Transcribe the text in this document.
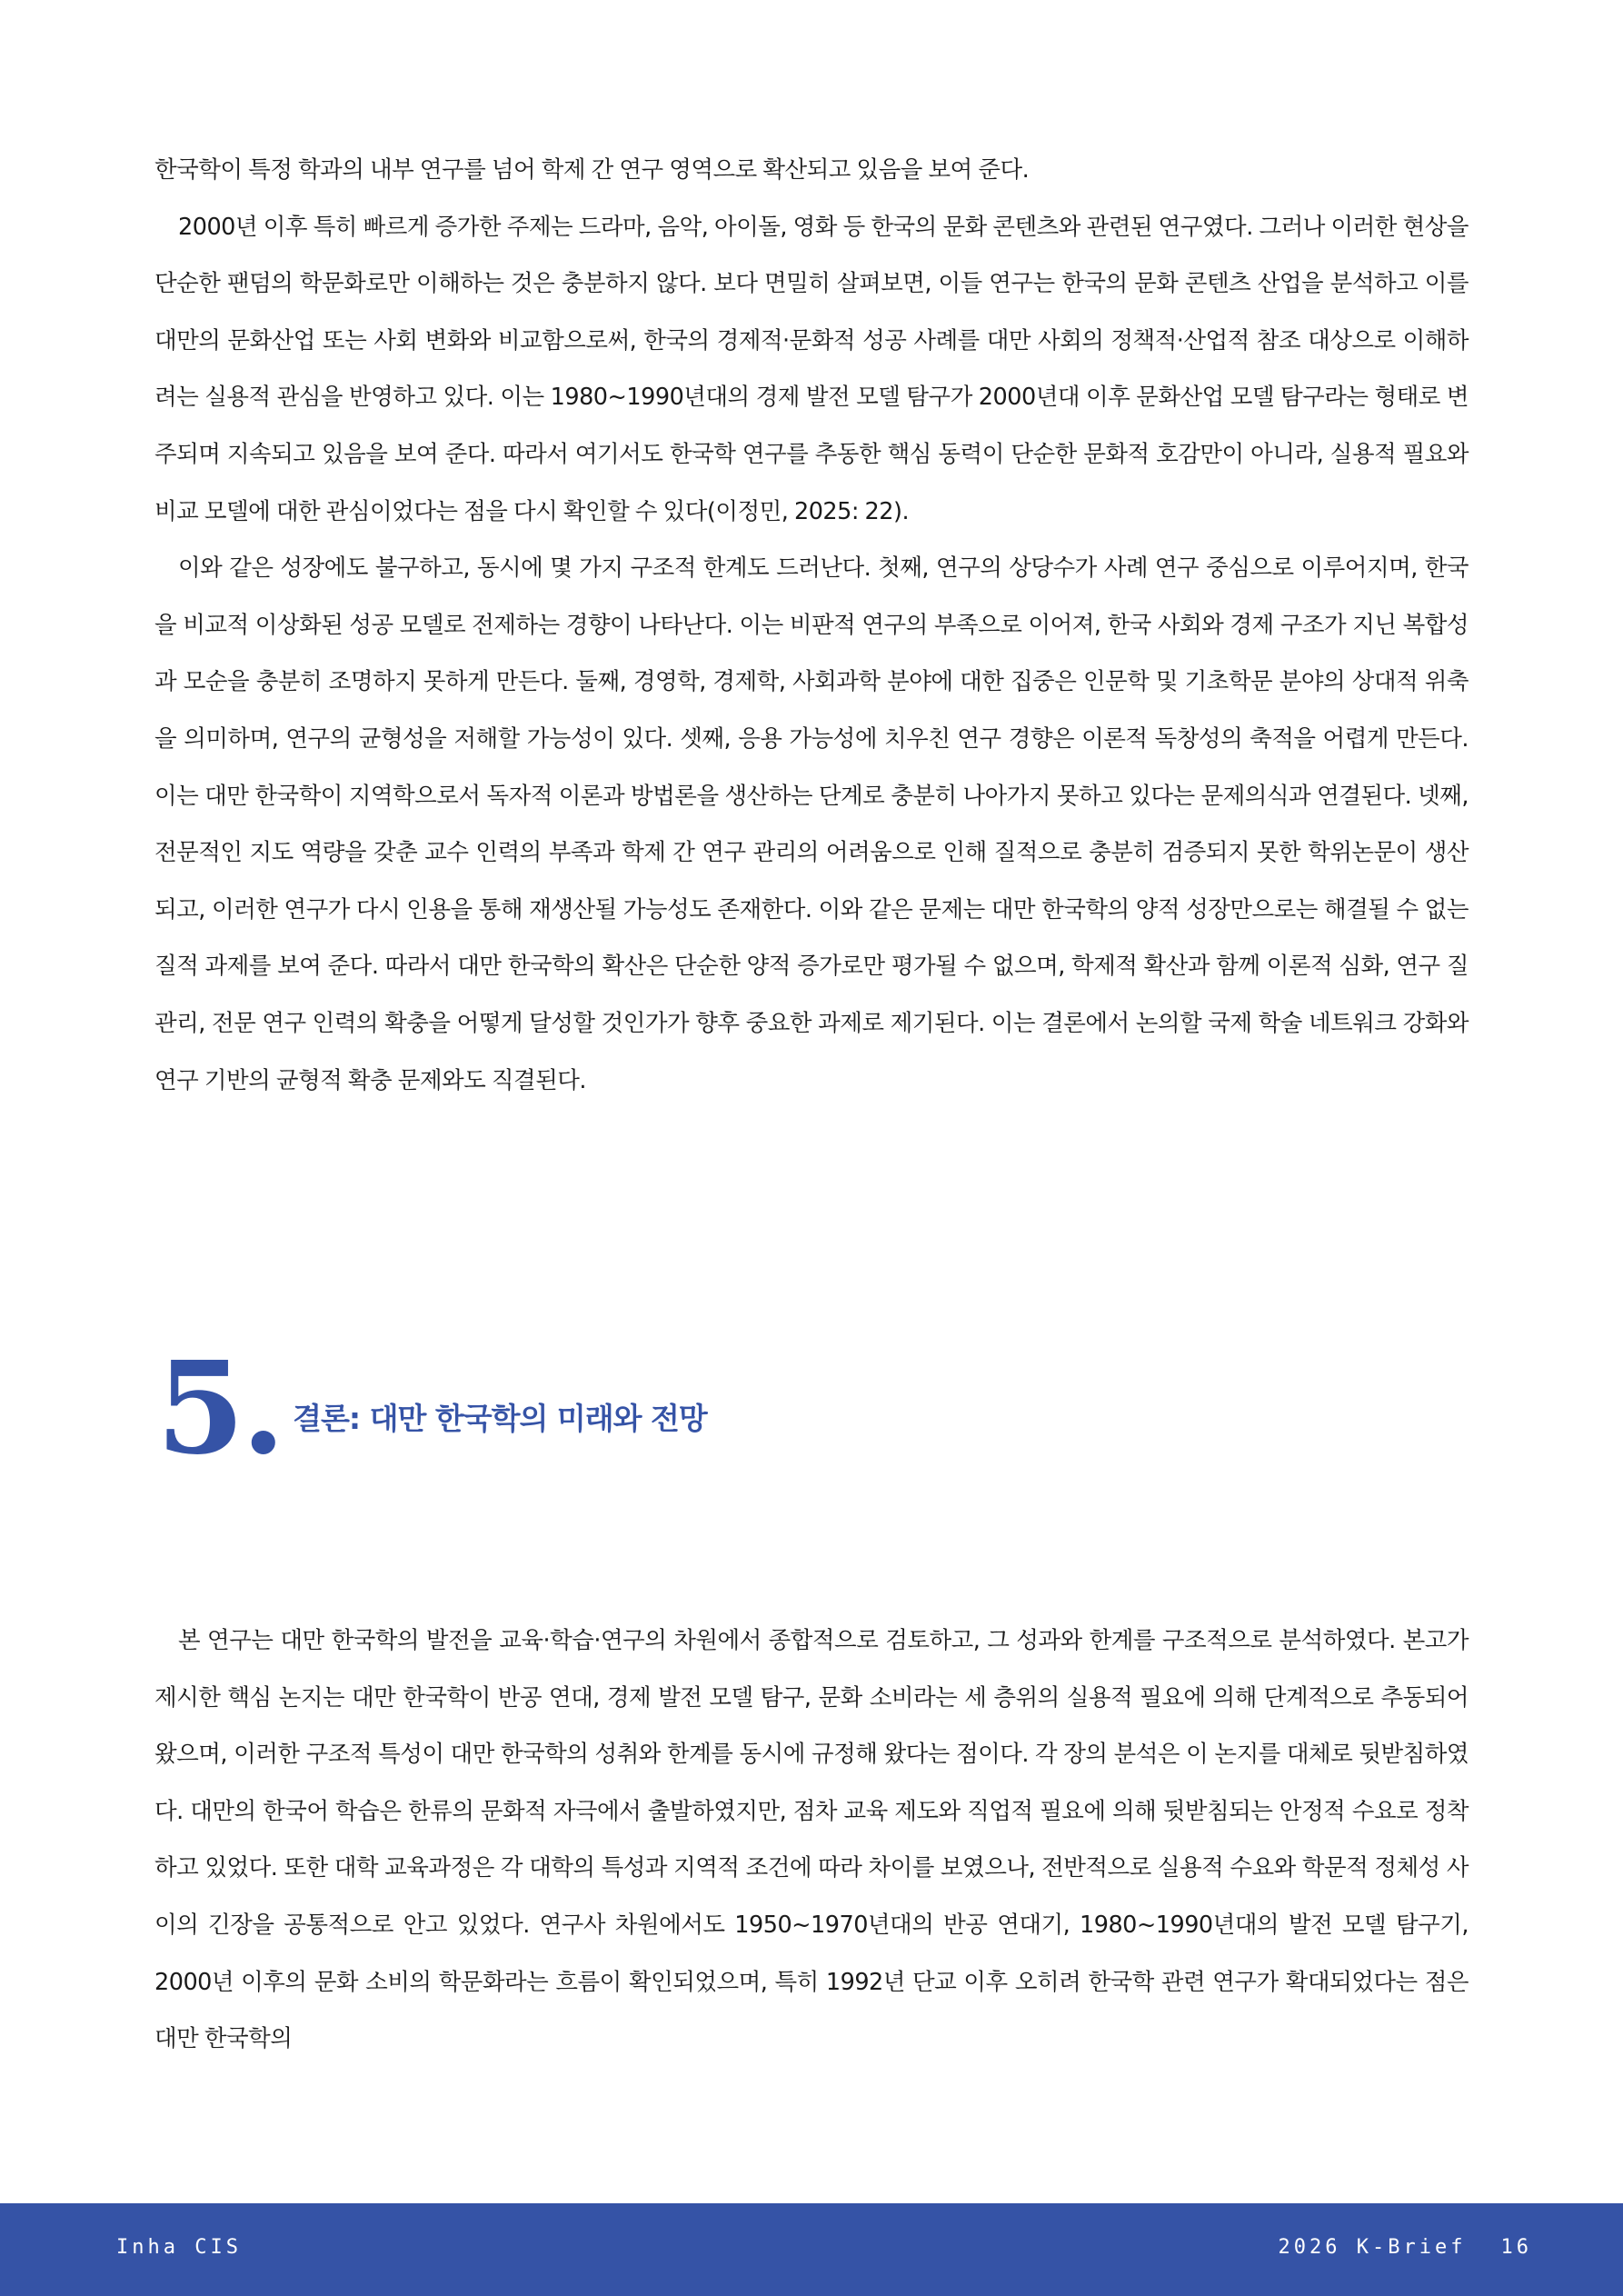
한국학이 특정 학과의 내부 연구를 넘어 학제 간 연구 영역으로 확산되고 있음을 보여 준다.

2000년 이후 특히 빠르게 증가한 주제는 드라마, 음악, 아이돌, 영화 등 한국의 문화 콘텐츠와 관련된 연구였다. 그러나 이러한 현상을 단순한 팬덤의 학문화로만 이해하는 것은 충분하지 않다. 보다 면밀히 살펴보면, 이들 연구는 한국의 문화 콘텐츠 산업을 분석하고 이를 대만의 문화산업 또는 사회 변화와 비교함으로써, 한국의 경제적·문화적 성공 사례를 대만 사회의 정책적·산업적 참조 대상으로 이해하려는 실용적 관심을 반영하고 있다. 이는 1980~1990년대의 경제 발전 모델 탐구가 2000년대 이후 문화산업 모델 탐구라는 형태로 변주되며 지속되고 있음을 보여 준다. 따라서 여기서도 한국학 연구를 추동한 핵심 동력이 단순한 문화적 호감만이 아니라, 실용적 필요와 비교 모델에 대한 관심이었다는 점을 다시 확인할 수 있다(이정민, 2025: 22).

이와 같은 성장에도 불구하고, 동시에 몇 가지 구조적 한계도 드러난다. 첫째, 연구의 상당수가 사례 연구 중심으로 이루어지며, 한국을 비교적 이상화된 성공 모델로 전제하는 경향이 나타난다. 이는 비판적 연구의 부족으로 이어져, 한국 사회와 경제 구조가 지닌 복합성과 모순을 충분히 조명하지 못하게 만든다. 둘째, 경영학, 경제학, 사회과학 분야에 대한 집중은 인문학 및 기초학문 분야의 상대적 위축을 의미하며, 연구의 균형성을 저해할 가능성이 있다. 셋째, 응용 가능성에 치우친 연구 경향은 이론적 독창성의 축적을 어렵게 만든다. 이는 대만 한국학이 지역학으로서 독자적 이론과 방법론을 생산하는 단계로 충분히 나아가지 못하고 있다는 문제의식과 연결된다. 넷째, 전문적인 지도 역량을 갖춘 교수 인력의 부족과 학제 간 연구 관리의 어려움으로 인해 질적으로 충분히 검증되지 못한 학위논문이 생산되고, 이러한 연구가 다시 인용을 통해 재생산될 가능성도 존재한다. 이와 같은 문제는 대만 한국학의 양적 성장만으로는 해결될 수 없는 질적 과제를 보여 준다. 따라서 대만 한국학의 확산은 단순한 양적 증가로만 평가될 수 없으며, 학제적 확산과 함께 이론적 심화, 연구 질 관리, 전문 연구 인력의 확충을 어떻게 달성할 것인가가 향후 중요한 과제로 제기된다. 이는 결론에서 논의할 국제 학술 네트워크 강화와 연구 기반의 균형적 확충 문제와도 직결된다.

5. 결론: 대만 한국학의 미래와 전망

본 연구는 대만 한국학의 발전을 교육·학습·연구의 차원에서 종합적으로 검토하고, 그 성과와 한계를 구조적으로 분석하였다. 본고가 제시한 핵심 논지는 대만 한국학이 반공 연대, 경제 발전 모델 탐구, 문화 소비라는 세 층위의 실용적 필요에 의해 단계적으로 추동되어 왔으며, 이러한 구조적 특성이 대만 한국학의 성취와 한계를 동시에 규정해 왔다는 점이다. 각 장의 분석은 이 논지를 대체로 뒷받침하였다. 대만의 한국어 학습은 한류의 문화적 자극에서 출발하였지만, 점차 교육 제도와 직업적 필요에 의해 뒷받침되는 안정적 수요로 정착하고 있었다. 또한 대학 교육과정은 각 대학의 특성과 지역적 조건에 따라 차이를 보였으나, 전반적으로 실용적 수요와 학문적 정체성 사이의 긴장을 공통적으로 안고 있었다. 연구사 차원에서도 1950~1970년대의 반공 연대기, 1980~1990년대의 발전 모델 탐구기, 2000년 이후의 문화 소비의 학문화라는 흐름이 확인되었으며, 특히 1992년 단교 이후 오히려 한국학 관련 연구가 확대되었다는 점은 대만 한국학의

Inha CIS	2026 K-Brief 16
